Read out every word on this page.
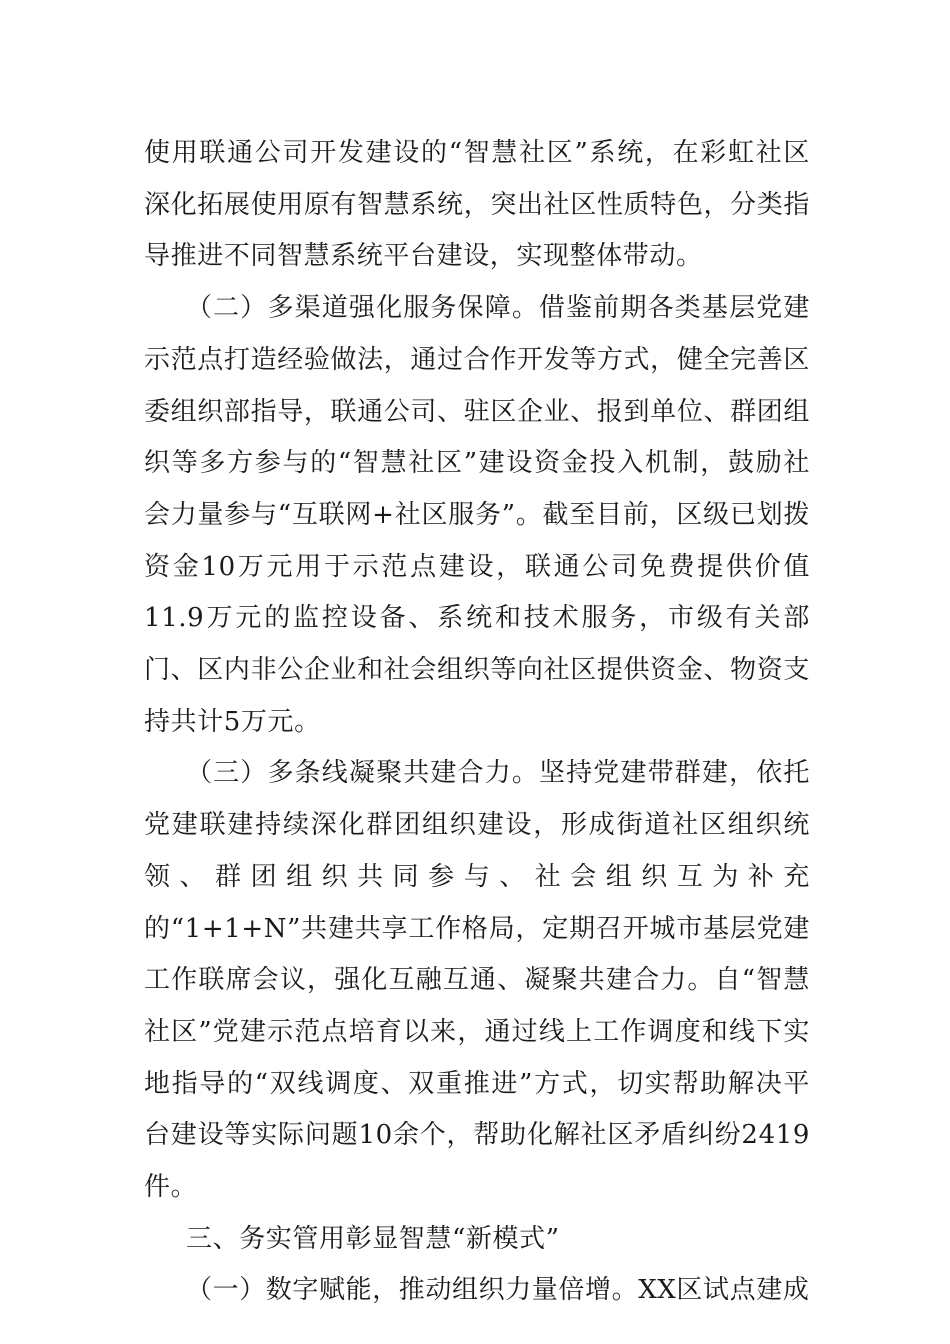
使用联通公司开发建设的“智慧社区”系统，在彩虹社区深化拓展使用原有智慧系统，突出社区性质特色，分类指导推进不同智慧系统平台建设，实现整体带动。

（二）多渠道强化服务保障。借鉴前期各类基层党建示范点打造经验做法，通过合作开发等方式，健全完善区委组织部指导，联通公司、驻区企业、报到单位、群团组织等多方参与的“智慧社区”建设资金投入机制，鼓励社会力量参与“互联网+社区服务”。截至目前，区级已划拨资金10万元用于示范点建设，联通公司免费提供价值11.9万元的监控设备、系统和技术服务，市级有关部门、区内非公企业和社会组织等向社区提供资金、物资支持共计5万元。

（三）多条线凝聚共建合力。坚持党建带群建，依托党建联建持续深化群团组织建设，形成街道社区组织统领、群团组织共同参与、社会组织互为补充的“1+1+N”共建共享工作格局，定期召开城市基层党建工作联席会议，强化互融互通、凝聚共建合力。自“智慧社区”党建示范点培育以来，通过线上工作调度和线下实地指导的“双线调度、双重推进”方式，切实帮助解决平台建设等实际问题10余个，帮助化解社区矛盾纠纷2419件。

三、务实管用彰显智慧“新模式”

（一）数字赋能，推动组织力量倍增。XX区试点建成
